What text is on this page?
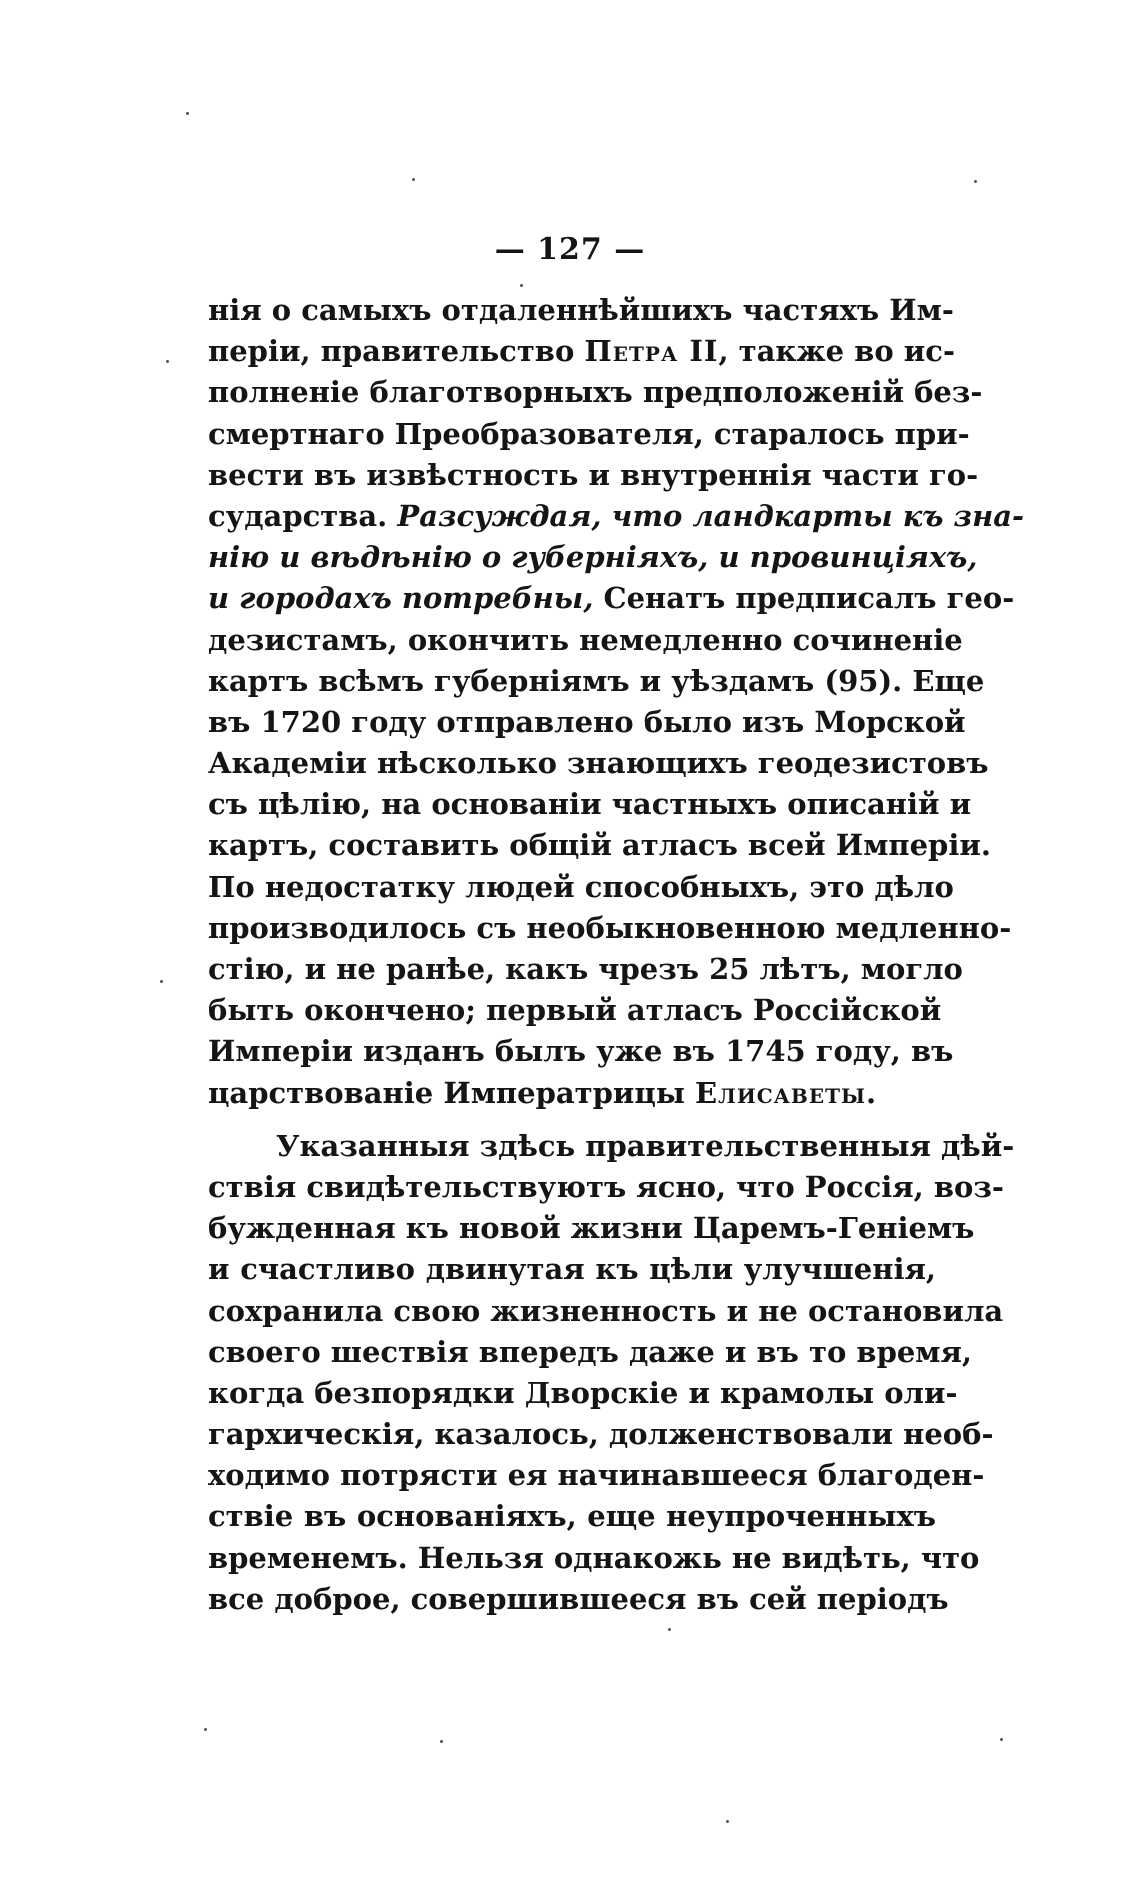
— 127 —
нія о самыхъ отдаленнѣйшихъ частяхъ Им-
періи, правительство Петра II, также во ис-
полненіе благотворныхъ предположеній без-
смертнаго Преобразователя, старалось при-
вести въ извѣстность и внутреннія части го-
сударства. Разсуждая, что ландкарты къ зна-
нію и вѣдѣнію о губерніяхъ, и провинціяхъ,
и городахъ потребны, Сенатъ предписалъ гео-
дезистамъ, окончить немедленно сочиненіе
картъ всѣмъ губерніямъ и уѣздамъ (95). Еще
въ 1720 году отправлено было изъ Морской
Академіи нѣсколько знающихъ геодезистовъ
съ цѣлію, на основаніи частныхъ описаній и
картъ, составить общій атласъ всей Имперіи.
По недостатку людей способныхъ, это дѣло
производилось съ необыкновенною медленно-
стію, и не ранѣе, какъ чрезъ 25 лѣтъ, могло
быть окончено; первый атласъ Россійской
Имперіи изданъ былъ уже въ 1745 году, въ
царствованіе Императрицы Елисаветы.
Указанныя здѣсь правительственныя дѣй-
ствія свидѣтельствуютъ ясно, что Россія, воз-
бужденная къ новой жизни Царемъ-Геніемъ
и счастливо двинутая къ цѣли улучшенія,
сохранила свою жизненность и не остановила
своего шествія впередъ даже и въ то время,
когда безпорядки Дворскіе и крамолы оли-
гархическія, казалось, долженствовали необ-
ходимо потрясти ея начинавшееся благоден-
ствіе въ основаніяхъ, еще неупроченныхъ
временемъ. Нельзя однакожь не видѣть, что
все доброе, совершившееся въ сей періодъ
